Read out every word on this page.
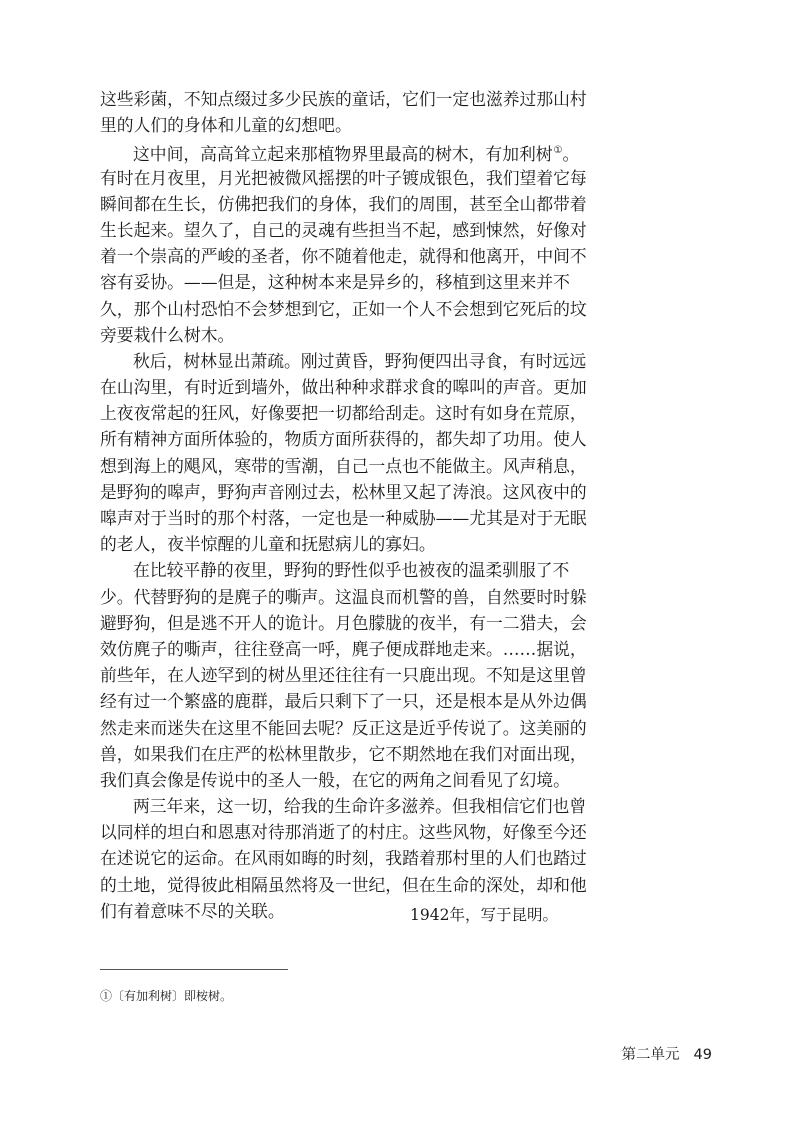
这些彩菌，不知点缀过多少民族的童话，它们一定也滋养过那山村
里的人们的身体和儿童的幻想吧。
这中间，高高耸立起来那植物界里最高的树木，有加利树①。
有时在月夜里，月光把被微风摇摆的叶子镀成银色，我们望着它每
瞬间都在生长，仿佛把我们的身体，我们的周围，甚至全山都带着
生长起来。望久了，自己的灵魂有些担当不起，感到悚然，好像对
着一个崇高的严峻的圣者，你不随着他走，就得和他离开，中间不
容有妥协。——但是，这种树本来是异乡的，移植到这里来并不
久，那个山村恐怕不会梦想到它，正如一个人不会想到它死后的坟
旁要栽什么树木。
秋后，树林显出萧疏。刚过黄昏，野狗便四出寻食，有时远远
在山沟里，有时近到墙外，做出种种求群求食的嗥叫的声音。更加
上夜夜常起的狂风，好像要把一切都给刮走。这时有如身在荒原，
所有精神方面所体验的，物质方面所获得的，都失却了功用。使人
想到海上的飓风，寒带的雪潮，自己一点也不能做主。风声稍息，
是野狗的嗥声，野狗声音刚过去，松林里又起了涛浪。这风夜中的
嗥声对于当时的那个村落，一定也是一种威胁——尤其是对于无眠
的老人，夜半惊醒的儿童和抚慰病儿的寡妇。
在比较平静的夜里，野狗的野性似乎也被夜的温柔驯服了不
少。代替野狗的是麂子的嘶声。这温良而机警的兽，自然要时时躲
避野狗，但是逃不开人的诡计。月色朦胧的夜半，有一二猎夫，会
效仿麂子的嘶声，往往登高一呼，麂子便成群地走来。……据说，
前些年，在人迹罕到的树丛里还往往有一只鹿出现。不知是这里曾
经有过一个繁盛的鹿群，最后只剩下了一只，还是根本是从外边偶
然走来而迷失在这里不能回去呢？反正这是近乎传说了。这美丽的
兽，如果我们在庄严的松林里散步，它不期然地在我们对面出现，
我们真会像是传说中的圣人一般，在它的两角之间看见了幻境。
两三年来，这一切，给我的生命许多滋养。但我相信它们也曾
以同样的坦白和恩惠对待那消逝了的村庄。这些风物，好像至今还
在述说它的运命。在风雨如晦的时刻，我踏着那村里的人们也踏过
的土地，觉得彼此相隔虽然将及一世纪，但在生命的深处，却和他
们有着意味不尽的关联。	1942年，写于昆明。
①〔有加利树〕即桉树。
第二单元 49
